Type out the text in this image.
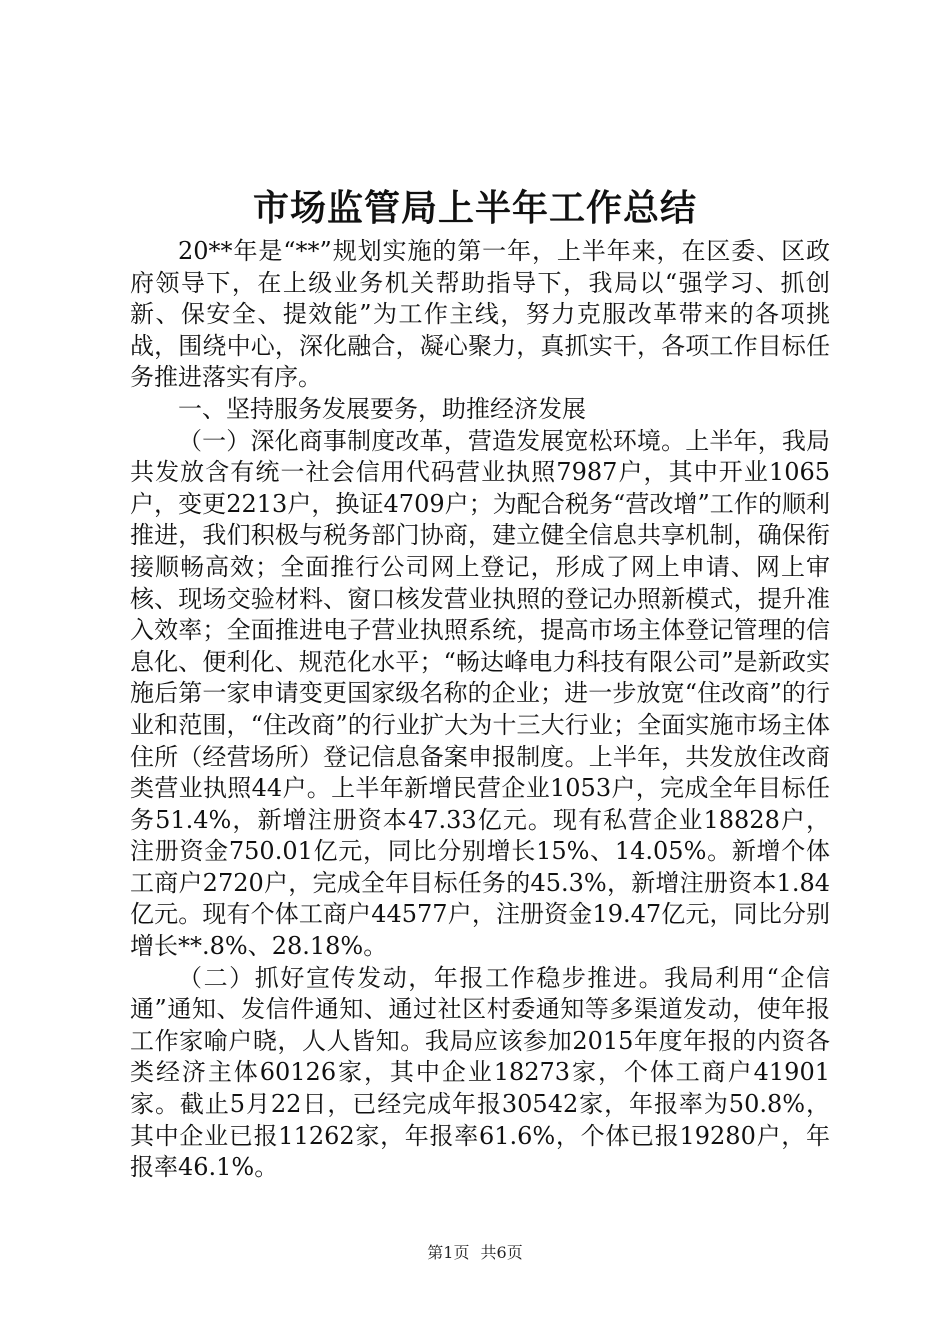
市场监管局上半年工作总结

20**年是“**”规划实施的第一年，上半年来，在区委、区政府领导下，在上级业务机关帮助指导下，我局以“强学习、抓创新、保安全、提效能”为工作主线，努力克服改革带来的各项挑战，围绕中心，深化融合，凝心聚力，真抓实干，各项工作目标任务推进落实有序。

一、坚持服务发展要务，助推经济发展

（一）深化商事制度改革，营造发展宽松环境。上半年，我局共发放含有统一社会信用代码营业执照7987户，其中开业1065户，变更2213户，换证4709户；为配合税务“营改增”工作的顺利推进，我们积极与税务部门协商，建立健全信息共享机制，确保衔接顺畅高效；全面推行公司网上登记，形成了网上申请、网上审核、现场交验材料、窗口核发营业执照的登记办照新模式，提升准入效率；全面推进电子营业执照系统，提高市场主体登记管理的信息化、便利化、规范化水平；“畅达峰电力科技有限公司”是新政实施后第一家申请变更国家级名称的企业；进一步放宽“住改商”的行业和范围，“住改商”的行业扩大为十三大行业；全面实施市场主体住所（经营场所）登记信息备案申报制度。上半年，共发放住改商类营业执照44户。上半年新增民营企业1053户，完成全年目标任务51.4%，新增注册资本47.33亿元。现有私营企业18828户，注册资金750.01亿元，同比分别增长15%、14.05%。新增个体工商户2720户，完成全年目标任务的45.3%，新增注册资本1.84亿元。现有个体工商户44577户，注册资金19.47亿元，同比分别增长**.8%、28.18%。

（二）抓好宣传发动，年报工作稳步推进。我局利用“企信通”通知、发信件通知、通过社区村委通知等多渠道发动，使年报工作家喻户晓，人人皆知。我局应该参加2015年度年报的内资各类经济主体60126家，其中企业18273家，个体工商户41901家。截止5月22日，已经完成年报30542家，年报率为50.8%，其中企业已报11262家，年报率61.6%，个体已报19280户，年报率46.1%。

第1页 共6页
